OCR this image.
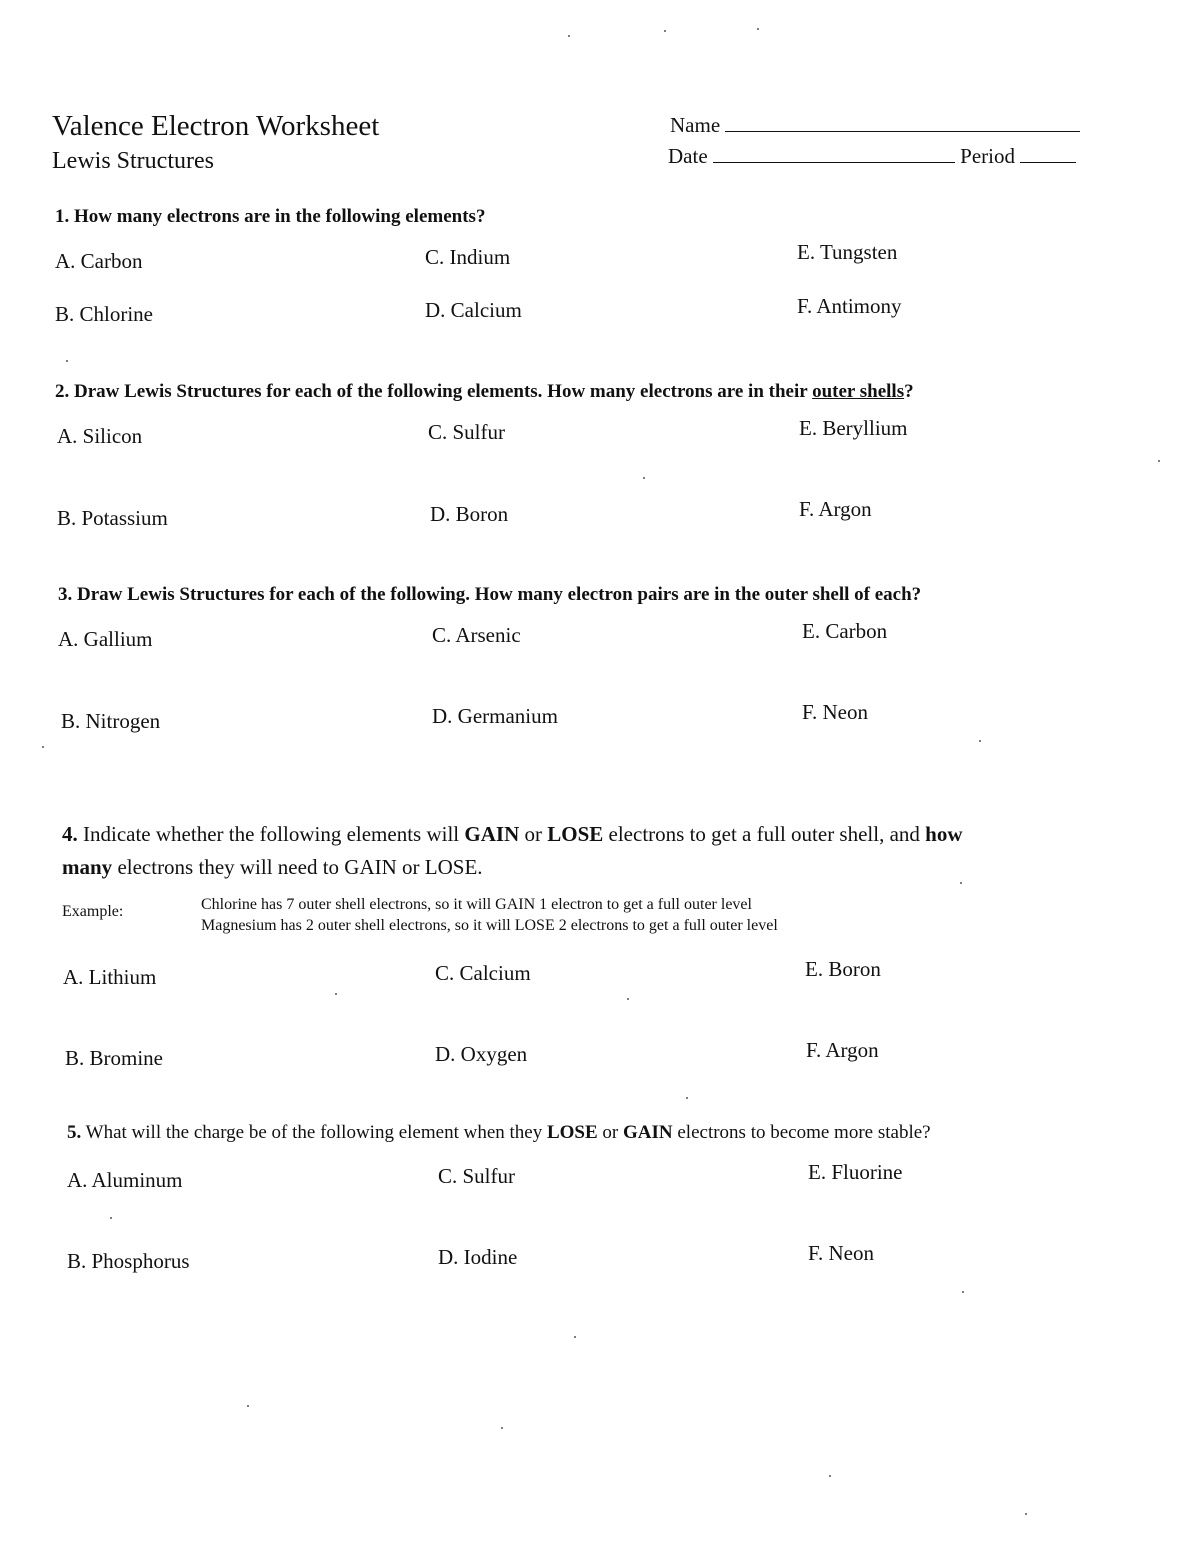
Valence Electron Worksheet
Lewis Structures
Name
Date	Period
1. How many electrons are in the following elements?
A. Carbon
B. Chlorine
C. Indium
D. Calcium
E. Tungsten
F. Antimony
2. Draw Lewis Structures for each of the following elements. How many electrons are in their outer shells?
A. Silicon
B. Potassium
C. Sulfur
D. Boron
E. Beryllium
F. Argon
3. Draw Lewis Structures for each of the following. How many electron pairs are in the outer shell of each?
A. Gallium
B. Nitrogen
C. Arsenic
D. Germanium
E. Carbon
F. Neon
4. Indicate whether the following elements will GAIN or LOSE electrons to get a full outer shell, and how
many electrons they will need to GAIN or LOSE.
Example:	Chlorine has 7 outer shell electrons, so it will GAIN 1 electron to get a full outer level
Magnesium has 2 outer shell electrons, so it will LOSE 2 electrons to get a full outer level
A. Lithium
B. Bromine
C. Calcium
D. Oxygen
E. Boron
F. Argon
5. What will the charge be of the following element when they LOSE or GAIN electrons to become more stable?
A. Aluminum
B. Phosphorus
C. Sulfur
D. Iodine
E. Fluorine
F. Neon
